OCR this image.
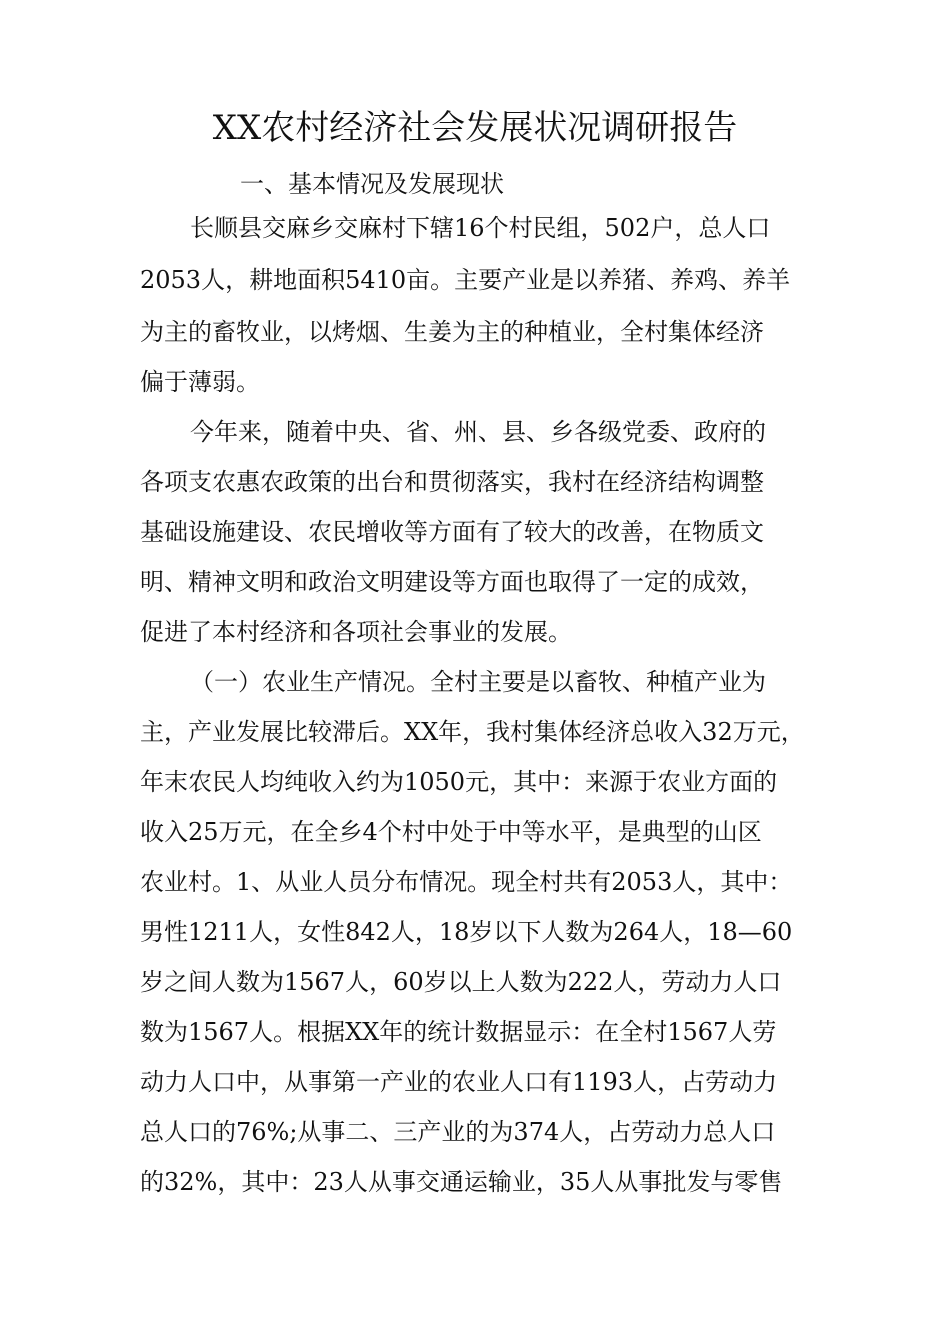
XX农村经济社会发展状况调研报告
一、基本情况及发展现状
长顺县交麻乡交麻村下辖16个村民组，502户，总人口
2053人，耕地面积5410亩。主要产业是以养猪、养鸡、养羊
为主的畜牧业，以烤烟、生姜为主的种植业，全村集体经济
偏于薄弱。
今年来，随着中央、省、州、县、乡各级党委、政府的
各项支农惠农政策的出台和贯彻落实，我村在经济结构调整
基础设施建设、农民增收等方面有了较大的改善，在物质文
明、精神文明和政治文明建设等方面也取得了一定的成效，
促进了本村经济和各项社会事业的发展。
（一）农业生产情况。全村主要是以畜牧、种植产业为
主，产业发展比较滞后。XX年，我村集体经济总收入32万元，
年末农民人均纯收入约为1050元，其中：来源于农业方面的
收入25万元，在全乡4个村中处于中等水平，是典型的山区
农业村。1、从业人员分布情况。现全村共有2053人，其中：
男性1211人，女性842人，18岁以下人数为264人，18—60
岁之间人数为1567人，60岁以上人数为222人，劳动力人口
数为1567人。根据XX年的统计数据显示：在全村1567人劳
动力人口中，从事第一产业的农业人口有1193人，占劳动力
总人口的76%;从事二、三产业的为374人，占劳动力总人口
的32%，其中：23人从事交通运输业，35人从事批发与零售
